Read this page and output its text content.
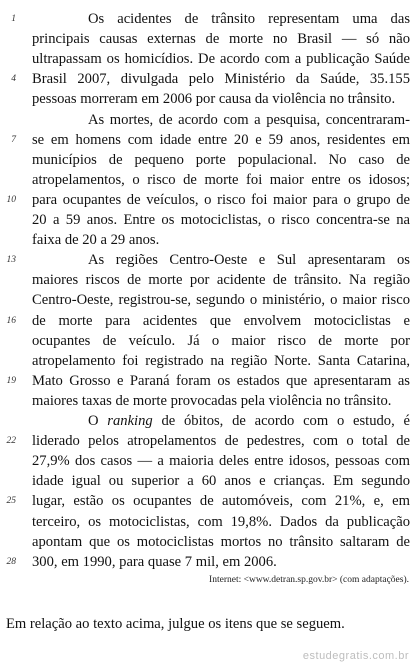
1	Os acidentes de trânsito representam uma das
principais causas externas de morte no Brasil — só não
ultrapassam os homicídios. De acordo com a publicação Saúde
4 Brasil 2007, divulgada pelo Ministério da Saúde, 35.155
pessoas morreram em 2006 por causa da violência no trânsito.
As mortes, de acordo com a pesquisa, concentraram-
7 se em homens com idade entre 20 e 59 anos, residentes em
municípios de pequeno porte populacional. No caso de
atropelamentos, o risco de morte foi maior entre os idosos;
10 para ocupantes de veículos, o risco foi maior para o grupo de
20 a 59 anos. Entre os motociclistas, o risco concentra-se na
faixa de 20 a 29 anos.
13	As regiões Centro-Oeste e Sul apresentaram os
maiores riscos de morte por acidente de trânsito. Na região
Centro-Oeste, registrou-se, segundo o ministério, o maior risco
16 de morte para acidentes que envolvem motociclistas e
ocupantes de veículo. Já o maior risco de morte por
atropelamento foi registrado na região Norte. Santa Catarina,
19 Mato Grosso e Paraná foram os estados que apresentaram as
maiores taxas de morte provocadas pela violência no trânsito.
O ranking de óbitos, de acordo com o estudo, é
22 liderado pelos atropelamentos de pedestres, com o total de
27,9% dos casos — a maioria deles entre idosos, pessoas com
idade igual ou superior a 60 anos e crianças. Em segundo
25 lugar, estão os ocupantes de automóveis, com 21%, e, em
terceiro, os motociclistas, com 19,8%. Dados da publicação
apontam que os motociclistas mortos no trânsito saltaram de
28 300, em 1990, para quase 7 mil, em 2006.
Internet: <www.detran.sp.gov.br> (com adaptações).
Em relação ao texto acima, julgue os itens que se seguem.
estudegratis.com.br
